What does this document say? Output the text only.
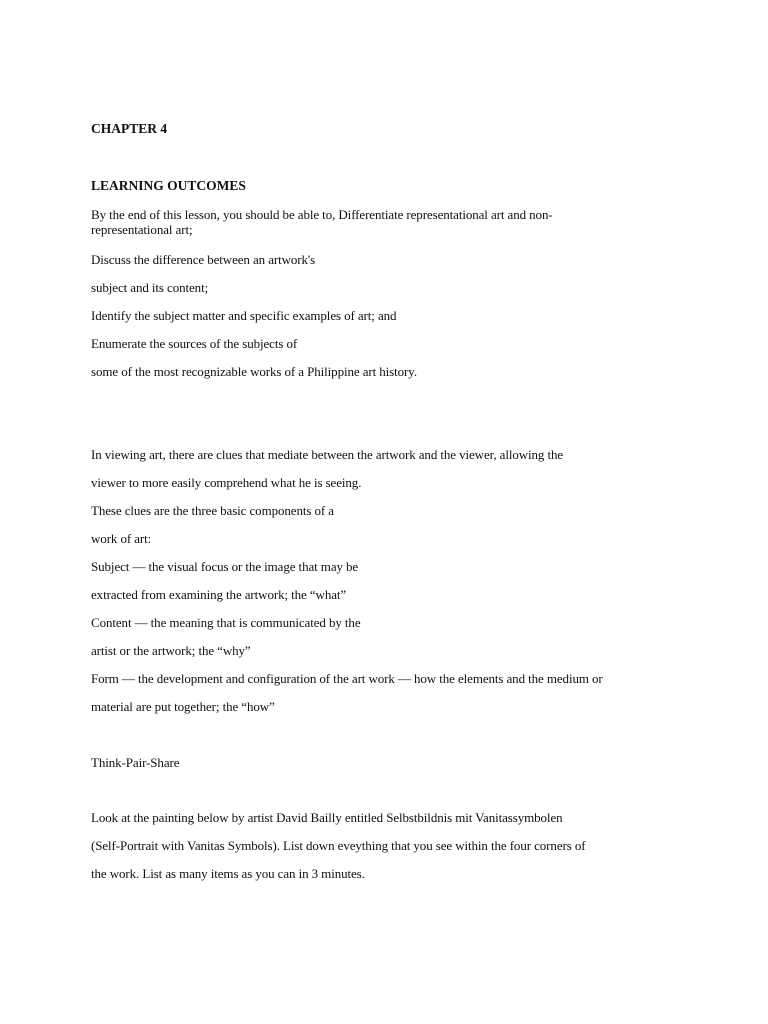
CHAPTER 4
LEARNING OUTCOMES
By the end of this lesson, you should be able to, Differentiate representational art and non-representational art;
Discuss the difference between an artwork's
subject and its content;
Identify the subject matter and specific examples of art; and
Enumerate the sources of the subjects of
some of the most recognizable works of a Philippine art history.
In viewing art, there are clues that mediate between the artwork and the viewer, allowing the
viewer to more easily comprehend what he is seeing.
These clues are the three basic components of a
work of art:
Subject — the visual focus or the image that may be
extracted from examining the artwork; the “what”
Content — the meaning that is communicated by the
artist or the artwork; the “why”
Form — the development and configuration of the art work — how the elements and the medium or
material are put together; the “how”
Think-Pair-Share
Look at the painting below by artist David Bailly entitled Selbstbildnis mit Vanitassymbolen
(Self-Portrait with Vanitas Symbols). List down eveything that you see within the four corners of
the work. List as many items as you can in 3 minutes.
